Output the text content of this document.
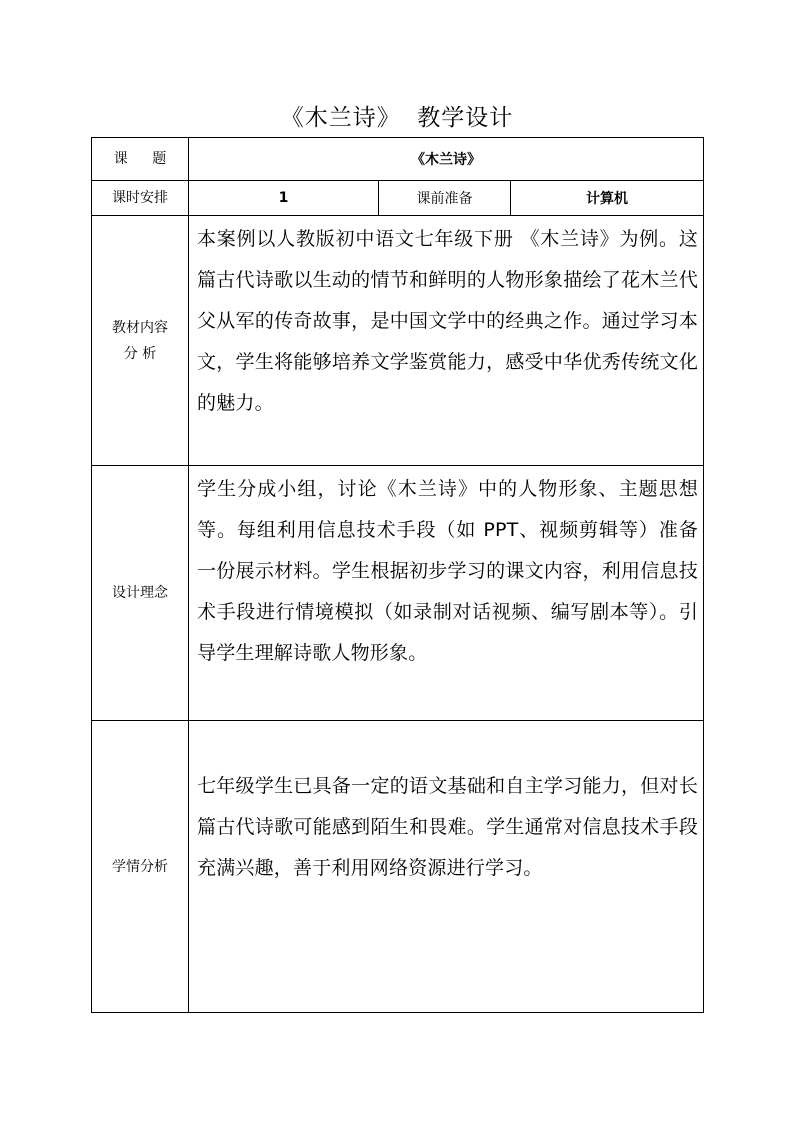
《木兰诗》  教学设计
课 题	《木兰诗》		
课时安排	1	课前准备	计算机

教材内容
分 析	本案例以人教版初中语文七年级下册 《木兰诗》为例。这篇古代诗歌以生动的情节和鲜明的人物形象描绘了花木兰代父从军的传奇故事，是中国文学中的经典之作。通过学习本文，学生将能够培养文学鉴赏能力，感受中华优秀传统文化的魅力。		

设计理念	学生分成小组，讨论《木兰诗》中的人物形象、主题思想等。每组利用信息技术手段（如 PPT、视频剪辑等）准备一份展示材料。学生根据初步学习的课文内容，利用信息技术手段进行情境模拟（如录制对话视频、编写剧本等）。引导学生理解诗歌人物形象。		

学情分析	七年级学生已具备一定的语文基础和自主学习能力，但对长篇古代诗歌可能感到陌生和畏难。学生通常对信息技术手段充满兴趣，善于利用网络资源进行学习。		
